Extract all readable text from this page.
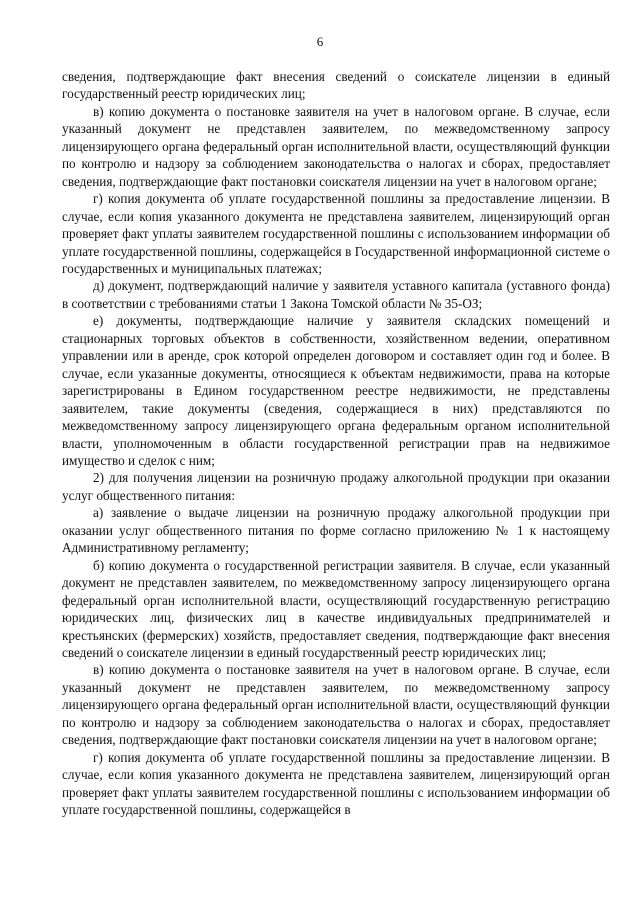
6

сведения, подтверждающие факт внесения сведений о соискателе лицензии в единый государственный реестр юридических лиц;

в) копию документа о постановке заявителя на учет в налоговом органе. В случае, если указанный документ не представлен заявителем, по межведомственному запросу лицензирующего органа федеральный орган исполнительной власти, осуществляющий функции по контролю и надзору за соблюдением законодательства о налогах и сборах, предоставляет сведения, подтверждающие факт постановки соискателя лицензии на учет в налоговом органе;

г) копия документа об уплате государственной пошлины за предоставление лицензии. В случае, если копия указанного документа не представлена заявителем, лицензирующий орган проверяет факт уплаты заявителем государственной пошлины с использованием информации об уплате государственной пошлины, содержащейся в Государственной информационной системе о государственных и муниципальных платежах;

д) документ, подтверждающий наличие у заявителя уставного капитала (уставного фонда) в соответствии с требованиями статьи 1 Закона Томской области № 35-ОЗ;

е) документы, подтверждающие наличие у заявителя складских помещений и стационарных торговых объектов в собственности, хозяйственном ведении, оперативном управлении или в аренде, срок которой определен договором и составляет один год и более. В случае, если указанные документы, относящиеся к объектам недвижимости, права на которые зарегистрированы в Едином государственном реестре недвижимости, не представлены заявителем, такие документы (сведения, содержащиеся в них) представляются по межведомственному запросу лицензирующего органа федеральным органом исполнительной власти, уполномоченным в области государственной регистрации прав на недвижимое имущество и сделок с ним;

2) для получения лицензии на розничную продажу алкогольной продукции при оказании услуг общественного питания:

а) заявление о выдаче лицензии на розничную продажу алкогольной продукции при оказании услуг общественного питания по форме согласно приложению № 1 к настоящему Административному регламенту;

б) копию документа о государственной регистрации заявителя. В случае, если указанный документ не представлен заявителем, по межведомственному запросу лицензирующего органа федеральный орган исполнительной власти, осуществляющий государственную регистрацию юридических лиц, физических лиц в качестве индивидуальных предпринимателей и крестьянских (фермерских) хозяйств, предоставляет сведения, подтверждающие факт внесения сведений о соискателе лицензии в единый государственный реестр юридических лиц;

в) копию документа о постановке заявителя на учет в налоговом органе. В случае, если указанный документ не представлен заявителем, по межведомственному запросу лицензирующего органа федеральный орган исполнительной власти, осуществляющий функции по контролю и надзору за соблюдением законодательства о налогах и сборах, предоставляет сведения, подтверждающие факт постановки соискателя лицензии на учет в налоговом органе;

г) копия документа об уплате государственной пошлины за предоставление лицензии. В случае, если копия указанного документа не представлена заявителем, лицензирующий орган проверяет факт уплаты заявителем государственной пошлины с использованием информации об уплате государственной пошлины, содержащейся в
